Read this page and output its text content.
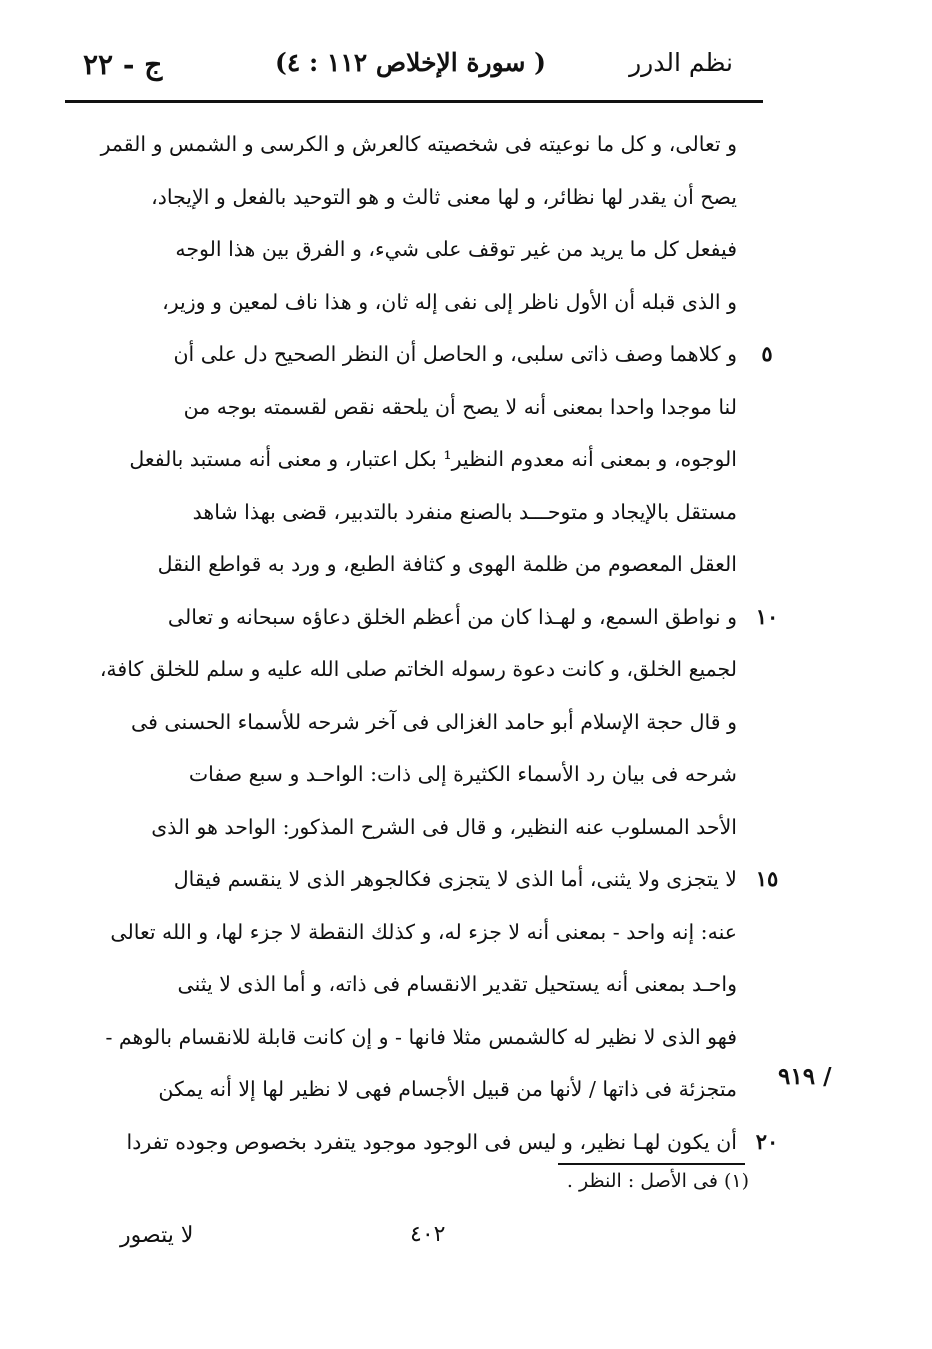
نظم الدرر
( سورة الإخلاص ١١٢ : ٤)
ج - ٢٢
و تعالى، و كل ما نوعيته فى شخصيته كالعرش و الكرسى و الشمس و القمر
يصح أن يقدر لها نظائر، و لها معنى ثالث و هو التوحيد بالفعل و الإيجاد،
فيفعل كل ما يريد من غير توقف على شيء، و الفرق بين هذا الوجه
و الذى قبله أن الأول ناظر إلى نفى إله ثان، و هذا ناف لمعين و وزير،
و كلاهما وصف ذاتى سلبى، و الحاصل أن النظر الصحيح دل على أن
لنا موجدا واحدا بمعنى أنه لا يصح أن يلحقه نقص لقسمته بوجه من
الوجوه، و بمعنى أنه معدوم النظير¹ بكل اعتبار، و معنى أنه مستبد بالفعل
مستقل بالإيجاد و متوحـــد بالصنع منفرد بالتدبير، قضى بهذا شاهد
العقل المعصوم من ظلمة الهوى و كثافة الطبع، و ورد به قواطع النقل
و نواطق السمع، و لهـذا كان من أعظم الخلق دعاؤه سبحانه و تعالى
لجميع الخلق، و كانت دعوة رسوله الخاتم صلى الله عليه و سلم للخلق كافة،
و قال حجة الإسلام أبو حامد الغزالى فى آخر شرحه للأسماء الحسنى فى
شرحه فى بيان رد الأسماء الكثيرة إلى ذات: الواحـد و سبع صفات
الأحد المسلوب عنه النظير، و قال فى الشرح المذكور: الواحد هو الذى
لا يتجزى ولا يثنى، أما الذى لا يتجزى فكالجوهر الذى لا ينقسم فيقال
عنه: إنه واحد - بمعنى أنه لا جزء له، و كذلك النقطة لا جزء لها، و الله تعالى
واحـد بمعنى أنه يستحيل تقدير الانقسام فى ذاته، و أما الذى لا يثنى
فهو الذى لا نظير له كالشمس مثلا فانها - و إن كانت قابلة للانقسام بالوهم -
متجزئة فى ذاتها / لأنها من قبيل الأجسام فهى لا نظير لها إلا أنه يمكن
أن يكون لهـا نظير، و ليس فى الوجود موجود يتفرد بخصوص وجوده تفردا
٥
١٠
١٥
٢٠
٩١٩ /
(١) فى الأصل : النظر .
٤٠٢
لا يتصور
